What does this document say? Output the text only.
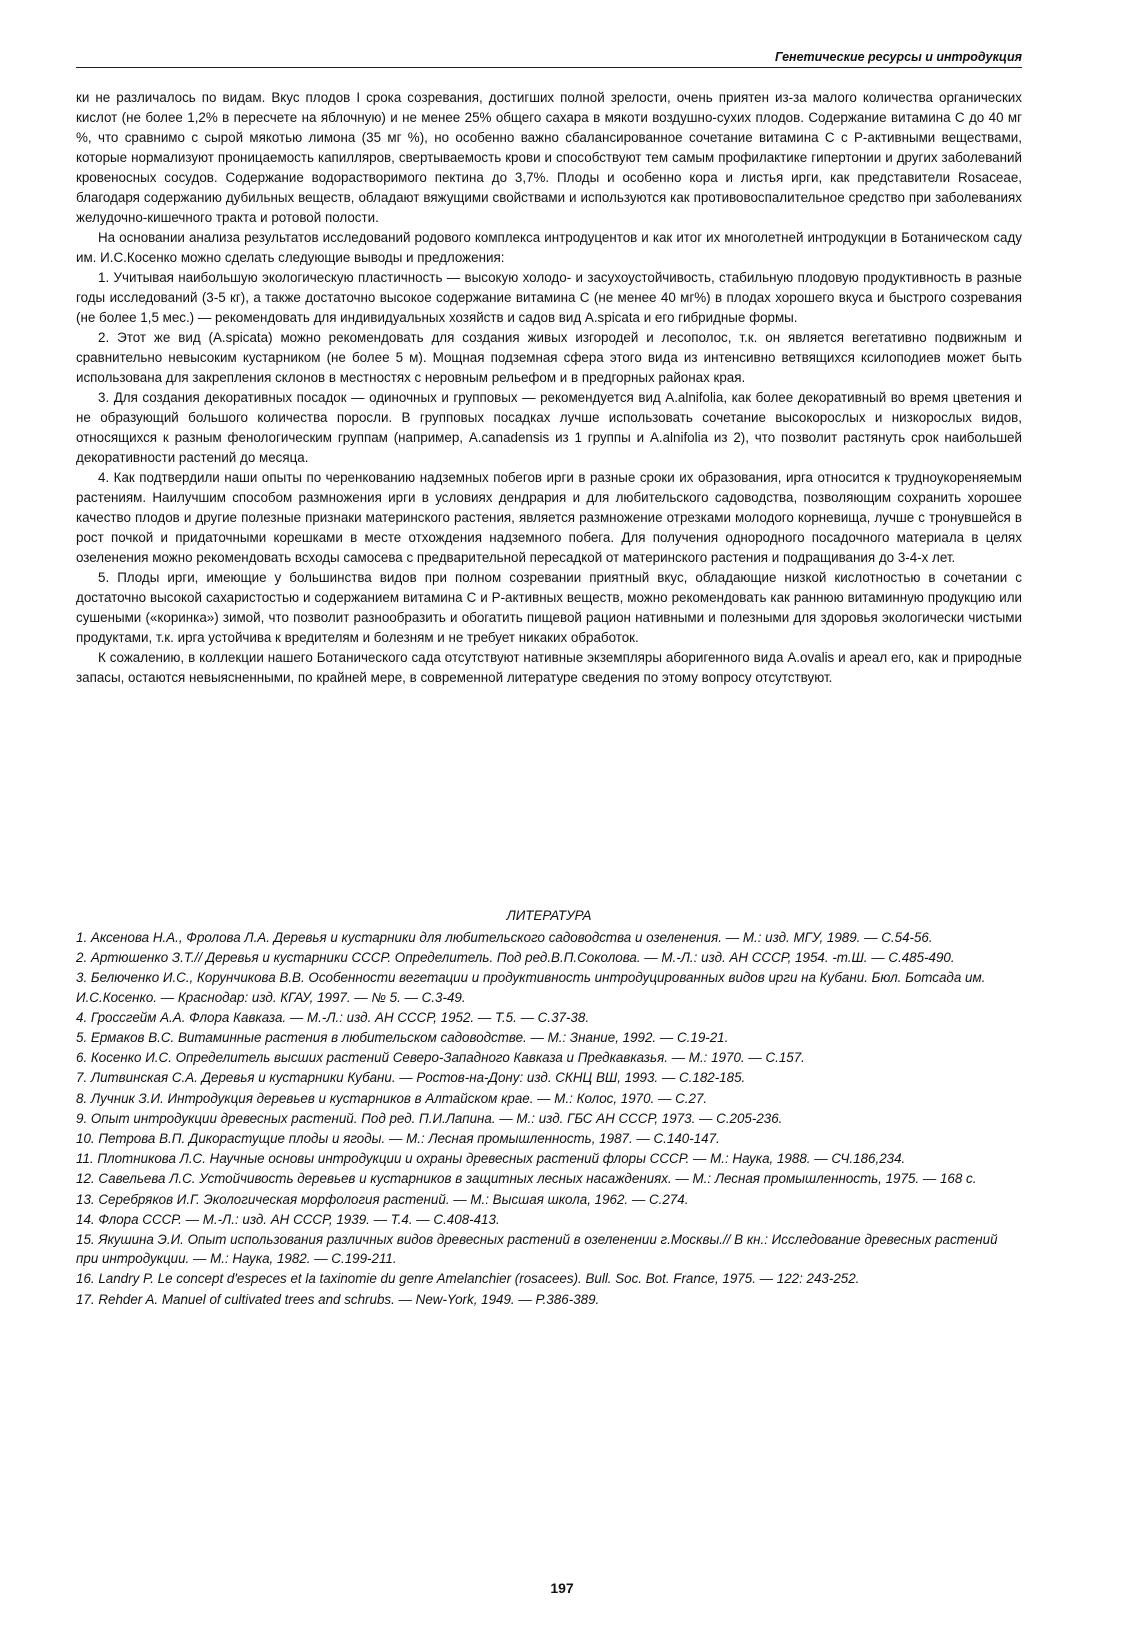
Генетические ресурсы и интродукция

ки не различалось по видам. Вкус плодов I срока созревания, достигших полной зрелости, очень приятен из-за малого количества органических кислот (не более 1,2% в пересчете на яблочную) и не менее 25% общего сахара в мякоти воздушно-сухих плодов. Содержание витамина С до 40 мг %, что сравнимо с сырой мякотью лимона (35 мг %), но особенно важно сбалансированное сочетание витамина С с Р-активными веществами, которые нормализуют проницаемость капилляров, свертываемость крови и способствуют тем самым профилактике гипертонии и других заболеваний кровеносных сосудов. Содержание водорастворимого пектина до 3,7%. Плоды и особенно кора и листья ирги, как представители Rosaceae, благодаря содержанию дубильных веществ, обладают вяжущими свойствами и используются как противовоспалительное средство при заболеваниях желудочно-кишечного тракта и ротовой полости.

На основании анализа результатов исследований родового комплекса интродуцентов и как итог их многолетней интродукции в Ботаническом саду им. И.С.Косенко можно сделать следующие выводы и предложения:

1. Учитывая наибольшую экологическую пластичность — высокую холодо- и засухоустойчивость, стабильную плодовую продуктивность в разные годы исследований (3-5 кг), а также достаточно высокое содержание витамина С (не менее 40 мг%) в плодах хорошего вкуса и быстрого созревания (не более 1,5 мес.) — рекомендовать для индивидуальных хозяйств и садов вид A.spicata и его гибридные формы.

2. Этот же вид (A.spicata) можно рекомендовать для создания живых изгородей и лесополос, т.к. он является вегетативно подвижным и сравнительно невысоким кустарником (не более 5 м). Мощная подземная сфера этого вида из интенсивно ветвящихся ксилоподиев может быть использована для закрепления склонов в местностях с неровным рельефом и в предгорных районах края.

3. Для создания декоративных посадок — одиночных и групповых — рекомендуется вид A.alnifolia, как более декоративный во время цветения и не образующий большого количества поросли. В групповых посадках лучше использовать сочетание высокорослых и низкорослых видов, относящихся к разным фенологическим группам (например, A.canadensis из 1 группы и A.alnifolia из 2), что позволит растянуть срок наибольшей декоративности растений до месяца.

4. Как подтвердили наши опыты по черенкованию надземных побегов ирги в разные сроки их образования, ирга относится к трудноукореняемым растениям. Наилучшим способом размножения ирги в условиях дендрария и для любительского садоводства, позволяющим сохранить хорошее качество плодов и другие полезные признаки материнского растения, является размножение отрезками молодого корневища, лучше с тронувшейся в рост почкой и придаточными корешками в месте отхождения надземного побега. Для получения однородного посадочного материала в целях озеленения можно рекомендовать всходы самосева с предварительной пересадкой от материнского растения и подращивания до 3-4-х лет.

5. Плоды ирги, имеющие у большинства видов при полном созревании приятный вкус, обладающие низкой кислотностью в сочетании с достаточно высокой сахаристостью и содержанием витамина С и Р-активных веществ, можно рекомендовать как раннюю витаминную продукцию или сушеными («коринка») зимой, что позволит разнообразить и обогатить пищевой рацион нативными и полезными для здоровья экологически чистыми продуктами, т.к. ирга устойчива к вредителям и болезням и не требует никаких обработок.

К сожалению, в коллекции нашего Ботанического сада отсутствуют нативные экземпляры аборигенного вида A.ovalis и ареал его, как и природные запасы, остаются невыясненными, по крайней мере, в современной литературе сведения по этому вопросу отсутствуют.

ЛИТЕРАТУРА
1. Аксенова Н.А., Фролова Л.А. Деревья и кустарники для любительского садоводства и озеленения. — М.: изд. МГУ, 1989. — С.54-56.
2. Артюшенко З.Т.// Деревья и кустарники СССР. Определитель. Под ред.В.П.Соколова. — М.-Л.: изд. АН СССР, 1954. -т.Ш. — С.485-490.
3. Белюченко И.С., Корунчикова В.В. Особенности вегетации и продуктивность интродуцированных видов ирги на Кубани. Бюл. Ботсада им. И.С.Косенко. — Краснодар: изд. КГАУ, 1997. — № 5. — С.3-49.
4. Гроссгейм А.А. Флора Кавказа. — М.-Л.: изд. АН СССР, 1952. — Т.5. — С.37-38.
5. Ермаков В.С. Витаминные растения в любительском садоводстве. — М.: Знание, 1992. — С.19-21.
6. Косенко И.С. Определитель высших растений Северо-Западного Кавказа и Предкавказья. — М.: 1970. — С.157.
7. Литвинская С.А. Деревья и кустарники Кубани. — Ростов-на-Дону: изд. СКНЦ ВШ, 1993. — С.182-185.
8. Лучник З.И. Интродукция деревьев и кустарников в Алтайском крае. — М.: Колос, 1970. — С.27.
9. Опыт интродукции древесных растений. Под ред. П.И.Лапина. — М.: изд. ГБС АН СССР, 1973. — С.205-236.
10. Петрова В.П. Дикорастущие плоды и ягоды. — М.: Лесная промышленность, 1987. — С.140-147.
11. Плотникова Л.С. Научные основы интродукции и охраны древесных растений флоры СССР. — М.: Наука, 1988. — СЧ.186,234.
12. Савельева Л.С. Устойчивость деревьев и кустарников в защитных лесных насаждениях. — М.: Лесная промышленность, 1975. — 168 с.
13. Серебряков И.Г. Экологическая морфология растений. — М.: Высшая школа, 1962. — С.274.
14. Флора СССР. — М.-Л.: изд. АН СССР, 1939. — Т.4. — С.408-413.
15. Якушина Э.И. Опыт использования различных видов древесных растений в озеленении г.Москвы.// В кн.: Исследование древесных растений при интродукции. — М.: Наука, 1982. — С.199-211.
16. Landry P. Le concept d'especes et la taxinomie du genre Amelanchier (rosacees). Bull. Soc. Bot. France, 1975. — 122: 243-252.
17. Rehder A. Manuel of cultivated trees and schrubs. — New-York, 1949. — P.386-389.
197
